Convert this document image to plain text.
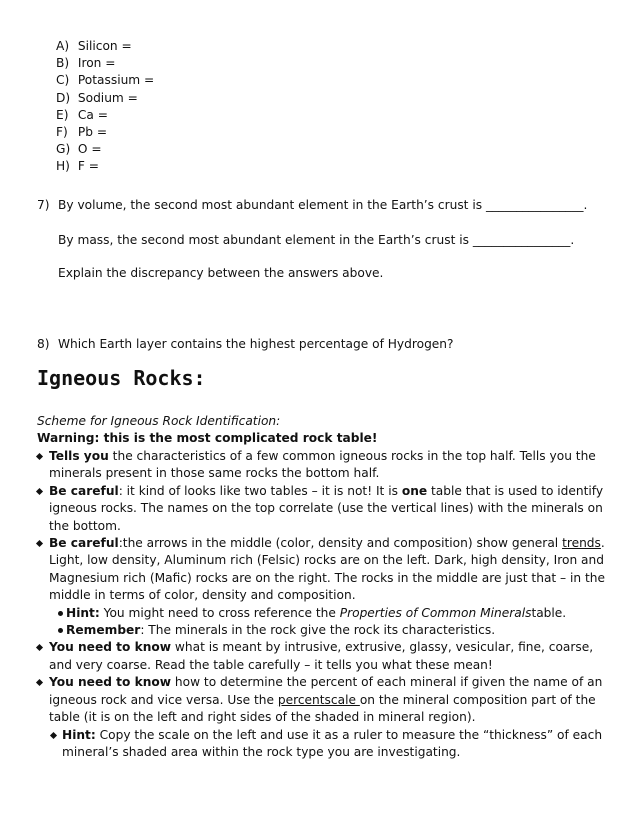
A) Silicon =
B) Iron =
C) Potassium =
D) Sodium =
E) Ca =
F) Pb =
G) O =
H) F =
7) By volume, the second most abundant element in the Earth’s crust is ________________.
By mass, the second most abundant element in the Earth’s crust is ________________.
Explain the discrepancy between the answers above.
8) Which Earth layer contains the highest percentage of Hydrogen?
Igneous Rocks:
Scheme for Igneous Rock Identification:
Warning: this is the most complicated rock table!
Tells you the characteristics of a few common igneous rocks in the top half. Tells you the minerals present in those same rocks the bottom half.
Be careful: it kind of looks like two tables – it is not! It is one table that is used to identify igneous rocks. The names on the top correlate (use the vertical lines) with the minerals on the bottom.
Be careful:the arrows in the middle (color, density and composition) show general trends. Light, low density, Aluminum rich (Felsic) rocks are on the left. Dark, high density, Iron and Magnesium rich (Mafic) rocks are on the right. The rocks in the middle are just that – in the middle in terms of color, density and composition.
Hint: You might need to cross reference the Properties of Common Mineralstable.
Remember: The minerals in the rock give the rock its characteristics.
You need to know what is meant by intrusive, extrusive, glassy, vesicular, fine, coarse, and very coarse. Read the table carefully – it tells you what these mean!
You need to know how to determine the percent of each mineral if given the name of an igneous rock and vice versa. Use the percentscale on the mineral composition part of the table (it is on the left and right sides of the shaded in mineral region).
Hint: Copy the scale on the left and use it as a ruler to measure the “thickness” of each mineral’s shaded area within the rock type you are investigating.
